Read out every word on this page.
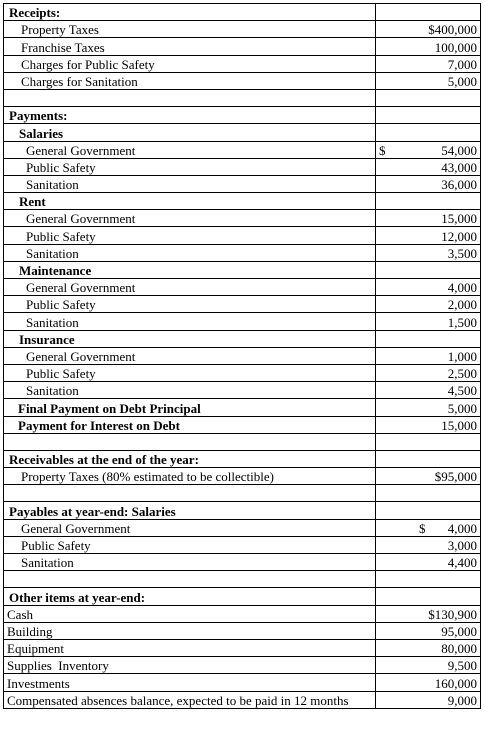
Receipts:	
Property Taxes	$400,000
Franchise Taxes	100,000
Charges for Public Safety	7,000
Charges for Sanitation	5,000

Payments:	
Salaries	
General Government	$ 54,000

Public Safety	43,000
Sanitation	36,000
Rent	
General Government	15,000
Public Safety	12,000
Sanitation	3,500
Maintenance	
General Government	4,000
Public Safety	2,000
Sanitation	1,500
Insurance	
General Government	1,000
Public Safety	2,500
Sanitation	4,500
Final Payment on Debt Principal	5,000
Payment for Interest on Debt	15,000

Receivables at the end of the year:	
Property Taxes (80% estimated to be collectible)	$95,000

Payables at year-end: Salaries	
General Government	$ 4,000

Public Safety	3,000
Sanitation	4,400

Other items at year-end:	
Cash	$130,900
Building	95,000
Equipment	80,000
Supplies  Inventory	9,500
Investments	160,000
Compensated absences balance, expected to be paid in 12 months	9,000
